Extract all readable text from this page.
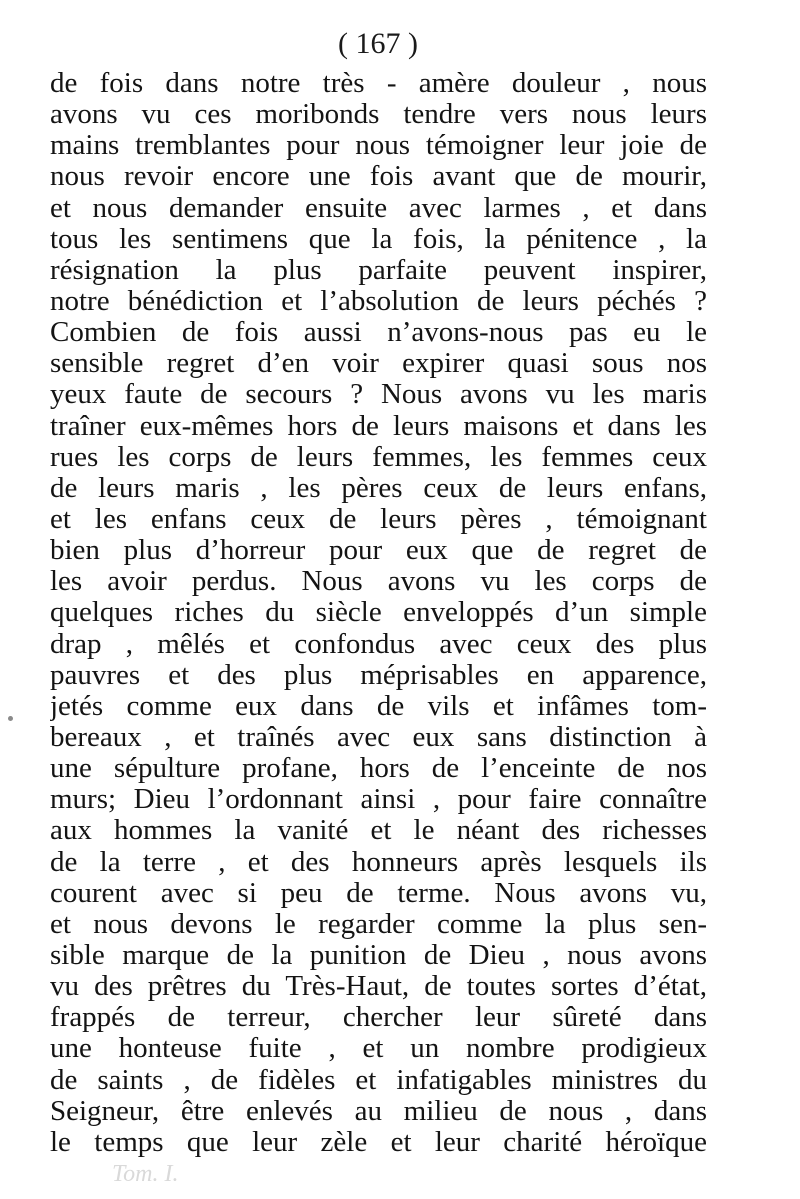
( 167 )
de fois dans notre très - amère douleur , nous
avons vu ces moribonds tendre vers nous leurs
mains tremblantes pour nous témoigner leur joie de
nous revoir encore une fois avant que de mourir,
et nous demander ensuite avec larmes , et dans
tous les sentimens que la fois, la pénitence , la
résignation la plus parfaite peuvent inspirer,
notre bénédiction et l’absolution de leurs péchés ?
Combien de fois aussi n’avons-nous pas eu le
sensible regret d’en voir expirer quasi sous nos
yeux faute de secours ? Nous avons vu les maris
traîner eux-mêmes hors de leurs maisons et dans les
rues les corps de leurs femmes, les femmes ceux
de leurs maris , les pères ceux de leurs enfans,
et les enfans ceux de leurs pères , témoignant
bien plus d’horreur pour eux que de regret de
les avoir perdus. Nous avons vu les corps de
quelques riches du siècle enveloppés d’un simple
drap , mêlés et confondus avec ceux des plus
pauvres et des plus méprisables en apparence,
jetés comme eux dans de vils et infâmes tom-
bereaux , et traînés avec eux sans distinction à
une sépulture profane, hors de l’enceinte de nos
murs; Dieu l’ordonnant ainsi , pour faire connaître
aux hommes la vanité et le néant des richesses
de la terre , et des honneurs après lesquels ils
courent avec si peu de terme. Nous avons vu,
et nous devons le regarder comme la plus sen-
sible marque de la punition de Dieu , nous avons
vu des prêtres du Très-Haut, de toutes sortes d’état,
frappés de terreur, chercher leur sûreté dans
une honteuse fuite , et un nombre prodigieux
de saints , de fidèles et infatigables ministres du
Seigneur, être enlevés au milieu de nous , dans
le temps que leur zèle et leur charité héroïque
Tom. I.
